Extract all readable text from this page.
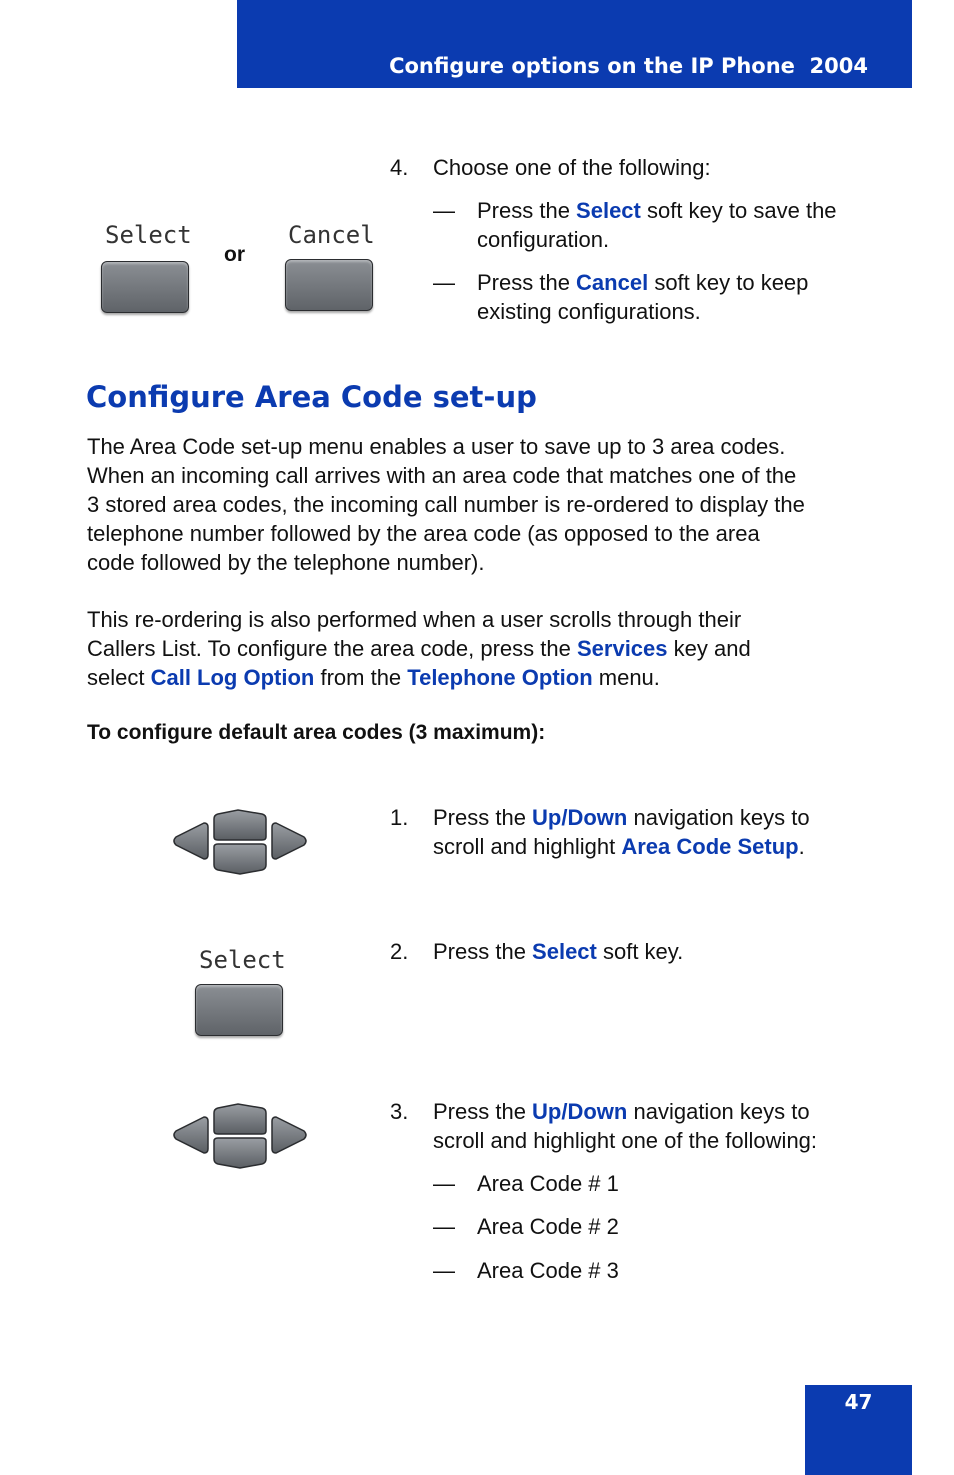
Configure options on the IP Phone  2004
Select
or
Cancel
4. Choose one of the following:
— Press the Select soft key to save the
configuration.
— Press the Cancel soft key to keep
existing configurations.
Configure Area Code set-up
The Area Code set-up menu enables a user to save up to 3 area codes.
When an incoming call arrives with an area code that matches one of the
3 stored area codes, the incoming call number is re-ordered to display the
telephone number followed by the area code (as opposed to the area
code followed by the telephone number).
This re-ordering is also performed when a user scrolls through their
Callers List. To configure the area code, press the Services key and
select Call Log Option from the Telephone Option menu.
To configure default area codes (3 maximum):
1. Press the Up/Down navigation keys to
scroll and highlight Area Code Setup.
Select	2. Press the Select soft key.
3. Press the Up/Down navigation keys to
scroll and highlight one of the following:
— Area Code # 1
— Area Code # 2
— Area Code # 3
47
